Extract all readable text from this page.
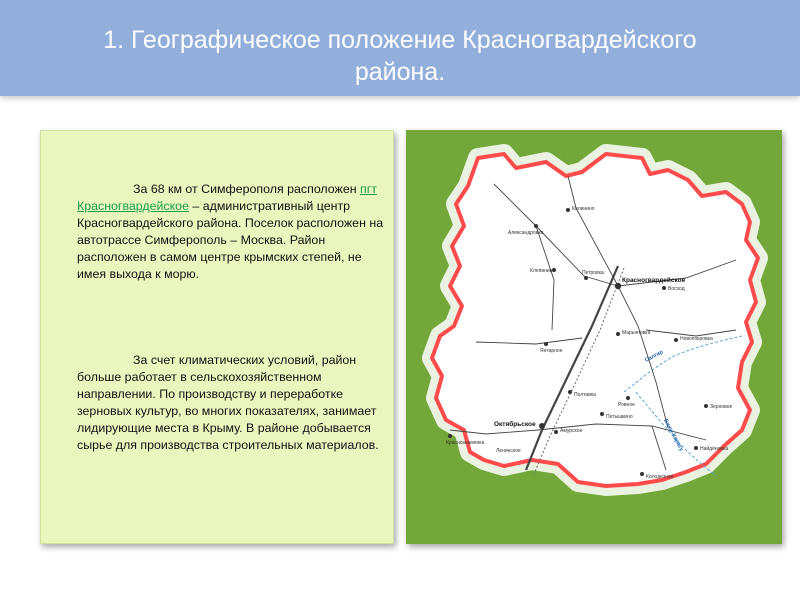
1. Географическое положение Красногвардейского района.
За 68 км от Симферополя расположен пгт Красногвардейское – административный центр Красногвардейского района. Поселок расположен на автотрассе Симферополь – Москва. Район расположен в самом центре крымских степей, не имея выхода к морю.
За счет климатических условий, район больше работает в сельскохозяйственном направлении. По производству и переработке зерновых культур, во многих показателях, занимает лидирующие места в Крыму. В районе добывается сырье для производства строительных материалов.
Калинино
Александровка
Клепинино	Петровка
Красногвардейское
Восход
Марьяновка
Новопокровка
Янтарное
Полтавка
Ровное	Зерновое
Октябрьское
Амурское
Петышкино
Краснознаменка
Ленинское	Найдёновка
Колодезное
Салгир
Биюк-Карасу
